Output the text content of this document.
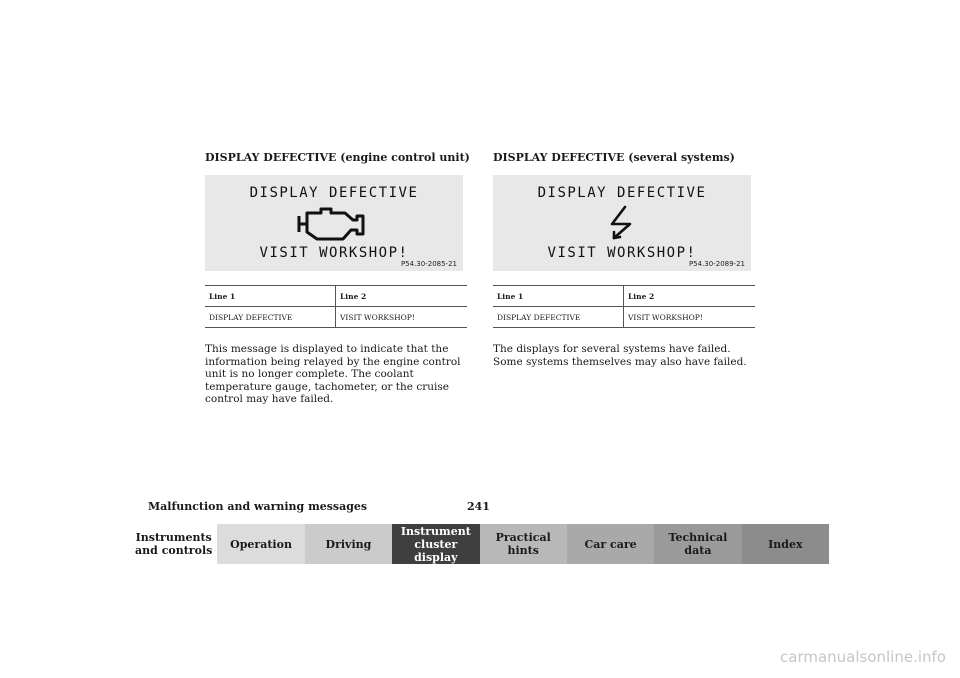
DISPLAY DEFECTIVE (engine control unit)
DISPLAY DEFECTIVE
VISIT WORKSHOP!
P54.30-2085-21
Line 1	Line 2
DISPLAY DEFECTIVE	VISIT WORKSHOP!
This message is displayed to indicate that the information being relayed by the engine control unit is no longer complete. The coolant temperature gauge, tachometer, or the cruise control may have failed.
DISPLAY DEFECTIVE (several systems)
DISPLAY DEFECTIVE
VISIT WORKSHOP!
P54.30-2089-21
Line 1	Line 2
DISPLAY DEFECTIVE	VISIT WORKSHOP!
The displays for several systems have failed. Some systems themselves may also have failed.
Malfunction and warning messages	241
Instruments
and controls Operation	Driving
Instrument
cluster display
Practical hints	Car care	Technical
data	Index
carmanualsonline.info
